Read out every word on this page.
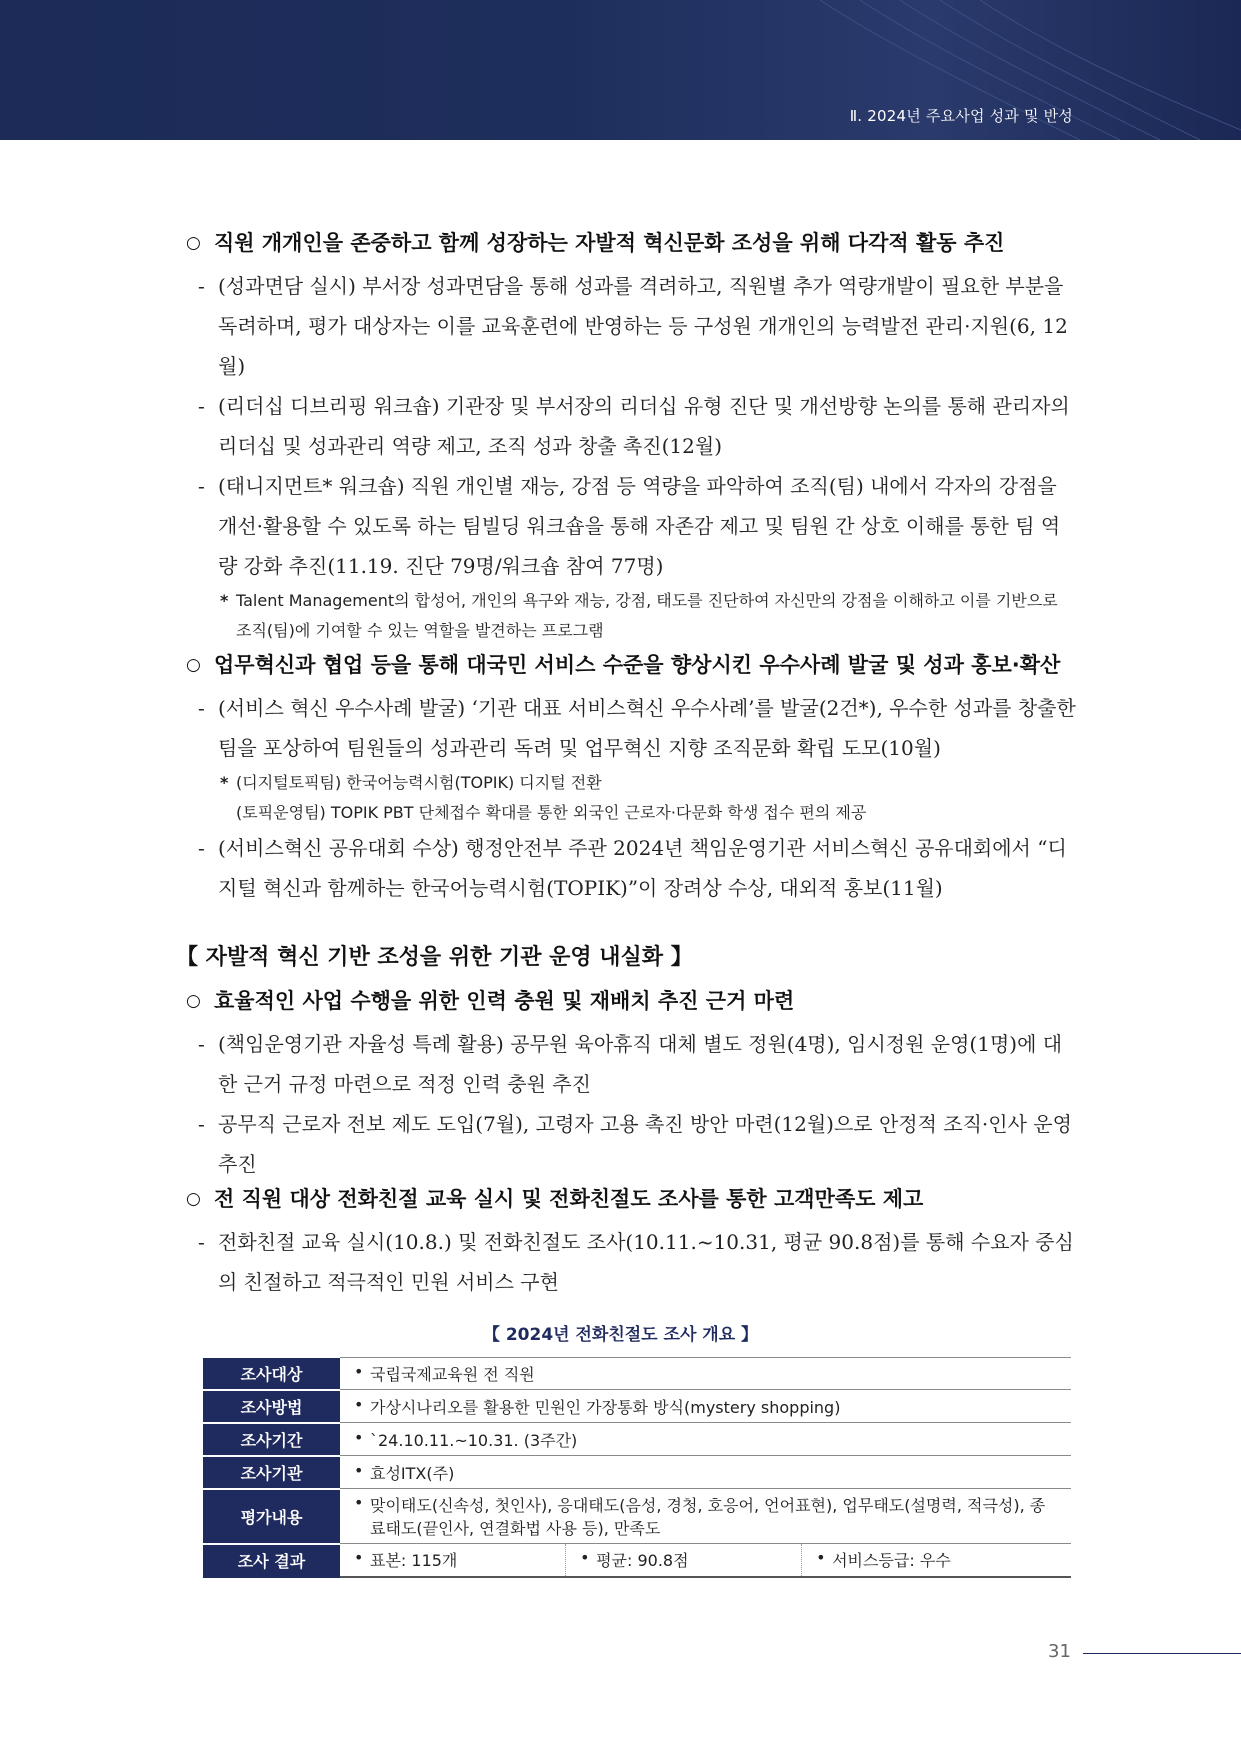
Ⅱ. 2024년 주요사업 성과 및 반성
○ 직원 개개인을 존중하고 함께 성장하는 자발적 혁신문화 조성을 위해 다각적 활동 추진
- (성과면담 실시) 부서장 성과면담을 통해 성과를 격려하고, 직원별 추가 역량개발이 필요한 부분을 독려하며, 평가 대상자는 이를 교육훈련에 반영하는 등 구성원 개개인의 능력발전 관리·지원(6, 12월)
- (리더십 디브리핑 워크숍) 기관장 및 부서장의 리더십 유형 진단 및 개선방향 논의를 통해 관리자의 리더십 및 성과관리 역량 제고, 조직 성과 창출 촉진(12월)
- (태니지먼트* 워크숍) 직원 개인별 재능, 강점 등 역량을 파악하여 조직(팀) 내에서 각자의 강점을 개선·활용할 수 있도록 하는 팀빌딩 워크숍을 통해 자존감 제고 및 팀원 간 상호 이해를 통한 팀 역량 강화 추진(11.19. 진단 79명/워크숍 참여 77명)
* Talent Management의 합성어, 개인의 욕구와 재능, 강점, 태도를 진단하여 자신만의 강점을 이해하고 이를 기반으로 조직(팀)에 기여할 수 있는 역할을 발견하는 프로그램
○ 업무혁신과 협업 등을 통해 대국민 서비스 수준을 향상시킨 우수사례 발굴 및 성과 홍보·확산
- (서비스 혁신 우수사례 발굴) ‘기관 대표 서비스혁신 우수사례’를 발굴(2건*), 우수한 성과를 창출한 팀을 포상하여 팀원들의 성과관리 독려 및 업무혁신 지향 조직문화 확립 도모(10월)
* (디지털토픽팀) 한국어능력시험(TOPIK) 디지털 전환
(토픽운영팀) TOPIK PBT 단체접수 확대를 통한 외국인 근로자·다문화 학생 접수 편의 제공
- (서비스혁신 공유대회 수상) 행정안전부 주관 2024년 책임운영기관 서비스혁신 공유대회에서 “디지털 혁신과 함께하는 한국어능력시험(TOPIK)”이 장려상 수상, 대외적 홍보(11월)
【 자발적 혁신 기반 조성을 위한 기관 운영 내실화 】
○ 효율적인 사업 수행을 위한 인력 충원 및 재배치 추진 근거 마련
- (책임운영기관 자율성 특례 활용) 공무원 육아휴직 대체 별도 정원(4명), 임시정원 운영(1명)에 대한 근거 규정 마련으로 적정 인력 충원 추진
- 공무직 근로자 전보 제도 도입(7월), 고령자 고용 촉진 방안 마련(12월)으로 안정적 조직·인사 운영 추진
○ 전 직원 대상 전화친절 교육 실시 및 전화친절도 조사를 통한 고객만족도 제고
- 전화친절 교육 실시(10.8.) 및 전화친절도 조사(10.11.~10.31, 평균 90.8점)를 통해 수요자 중심의 친절하고 적극적인 민원 서비스 구현
【 2024년 전화친절도 조사 개요 】
조사대상	• 국립국제교육원 전 직원

조사방법	• 가상시나리오를 활용한 민원인 가장통화 방식(mystery shopping)

조사기간	• `24.10.11.~10.31. (3주간)

조사기관	• 효성ITX(주)

평가내용	• 맞이태도(신속성, 첫인사), 응대태도(음성, 경청, 호응어, 언어표현), 업무태도(설명력, 적극성), 종료태도(끝인사, 연결화법 사용 등), 만족도

조사 결과	• 표본: 115개	• 평균: 90.8점	• 서비스등급: 우수
31
